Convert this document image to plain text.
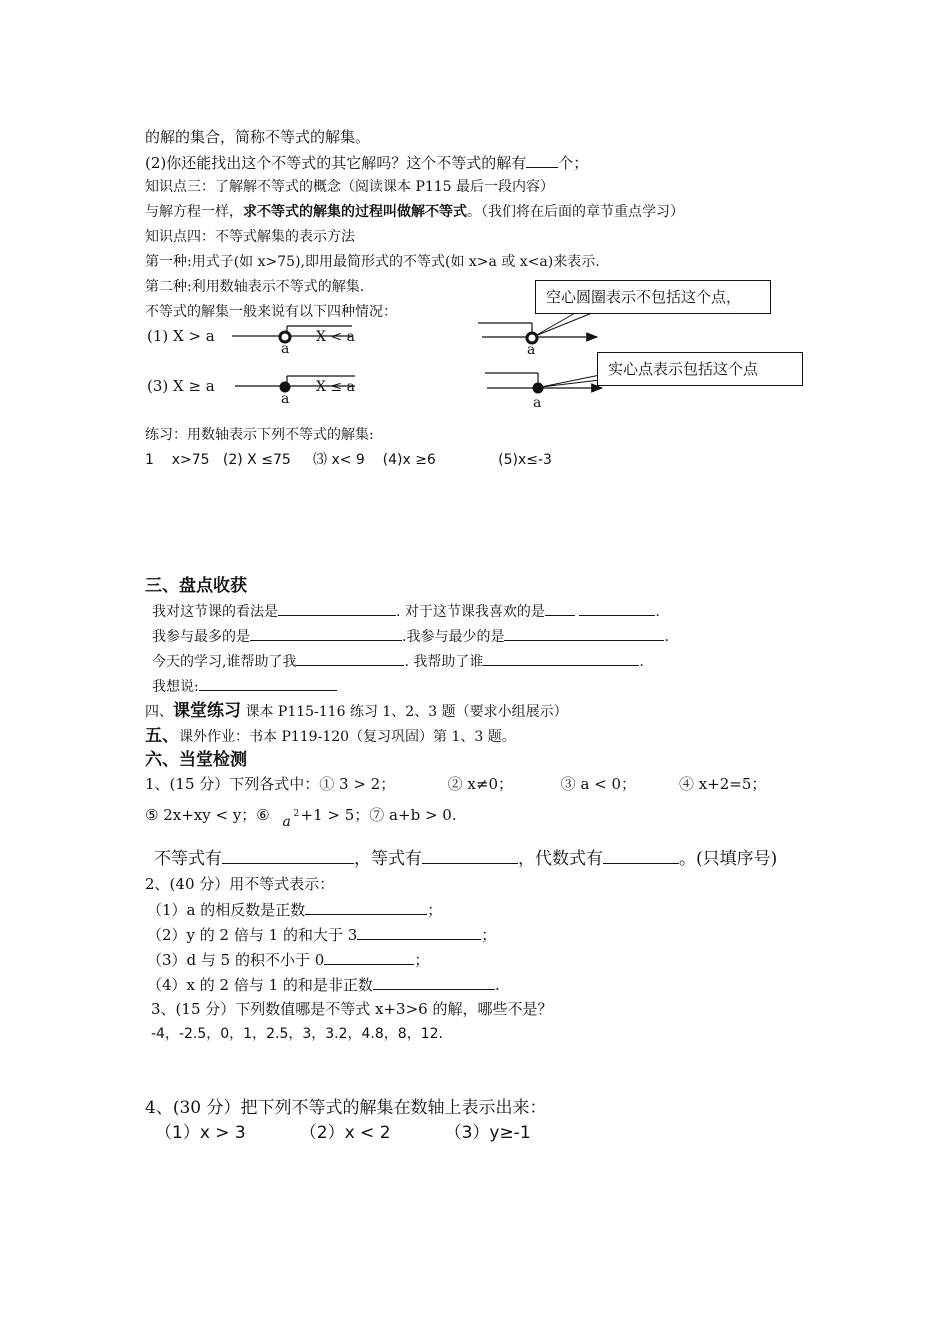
的解的集合，简称不等式的解集。
(2)你还能找出这个不等式的其它解吗？这个不等式的解有 个；
知识点三：了解解不等式的概念（阅读课本 P115 最后一段内容）
与解方程一样，求不等式的解集的过程叫做解不等式。（我们将在后面的章节重点学习）
知识点四：不等式解集的表示方法
第一种:用式子(如 x>75),即用最简形式的不等式(如 x>a 或 x<a)来表示.
第二种:利用数轴表示不等式的解集.
不等式的解集一般来说有以下四种情况：
(1) X > a	X < a
a
(3) X ≥ a	X ≤ a
a
a
a
空心圆圈表示不包括这个点，
实心点表示包括这个点
练习：用数轴表示下列不等式的解集:
1    x>75   (2) X ≤75     ⑶ x< 9    (4)x ≥6              (5)x≤-3
三、盘点收获
我对这节课的看法是	. 对于这节课我喜欢的是	.
我参与最多的是	.我参与最少的是	.
今天的学习,谁帮助了我	. 我帮助了谁	.
我想说:
四、课堂练习 课本 P115-116 练习 1、2、3 题（要求小组展示）
五、课外作业：书本 P119-120（复习巩固）第 1、3 题。
六、当堂检测
1、(15 分）下列各式中：① 3 > 2；           ② x≠0；          ③ a < 0；         ④ x+2=5；
⑤ 2x+xy < y；⑥ a 2 +1 > 5；⑦ a+b > 0.
不等式有	，等式有	，代数式有	。(只填序号)
2、(40 分）用不等式表示：
（1）a 的相反数是正数	；
（2）y 的 2 倍与 1 的和大于 3	；
（3）d 与 5 的积不小于 0	；
（4）x 的 2 倍与 1 的和是非正数	.
3、(15 分）下列数值哪是不等式 x+3>6 的解，哪些不是？
-4，-2.5，0，1，2.5，3，3.2，4.8，8，12.
4、(30 分）把下列不等式的解集在数轴上表示出来：
（1）x > 3          （2）x < 2          （3）y≥-1
